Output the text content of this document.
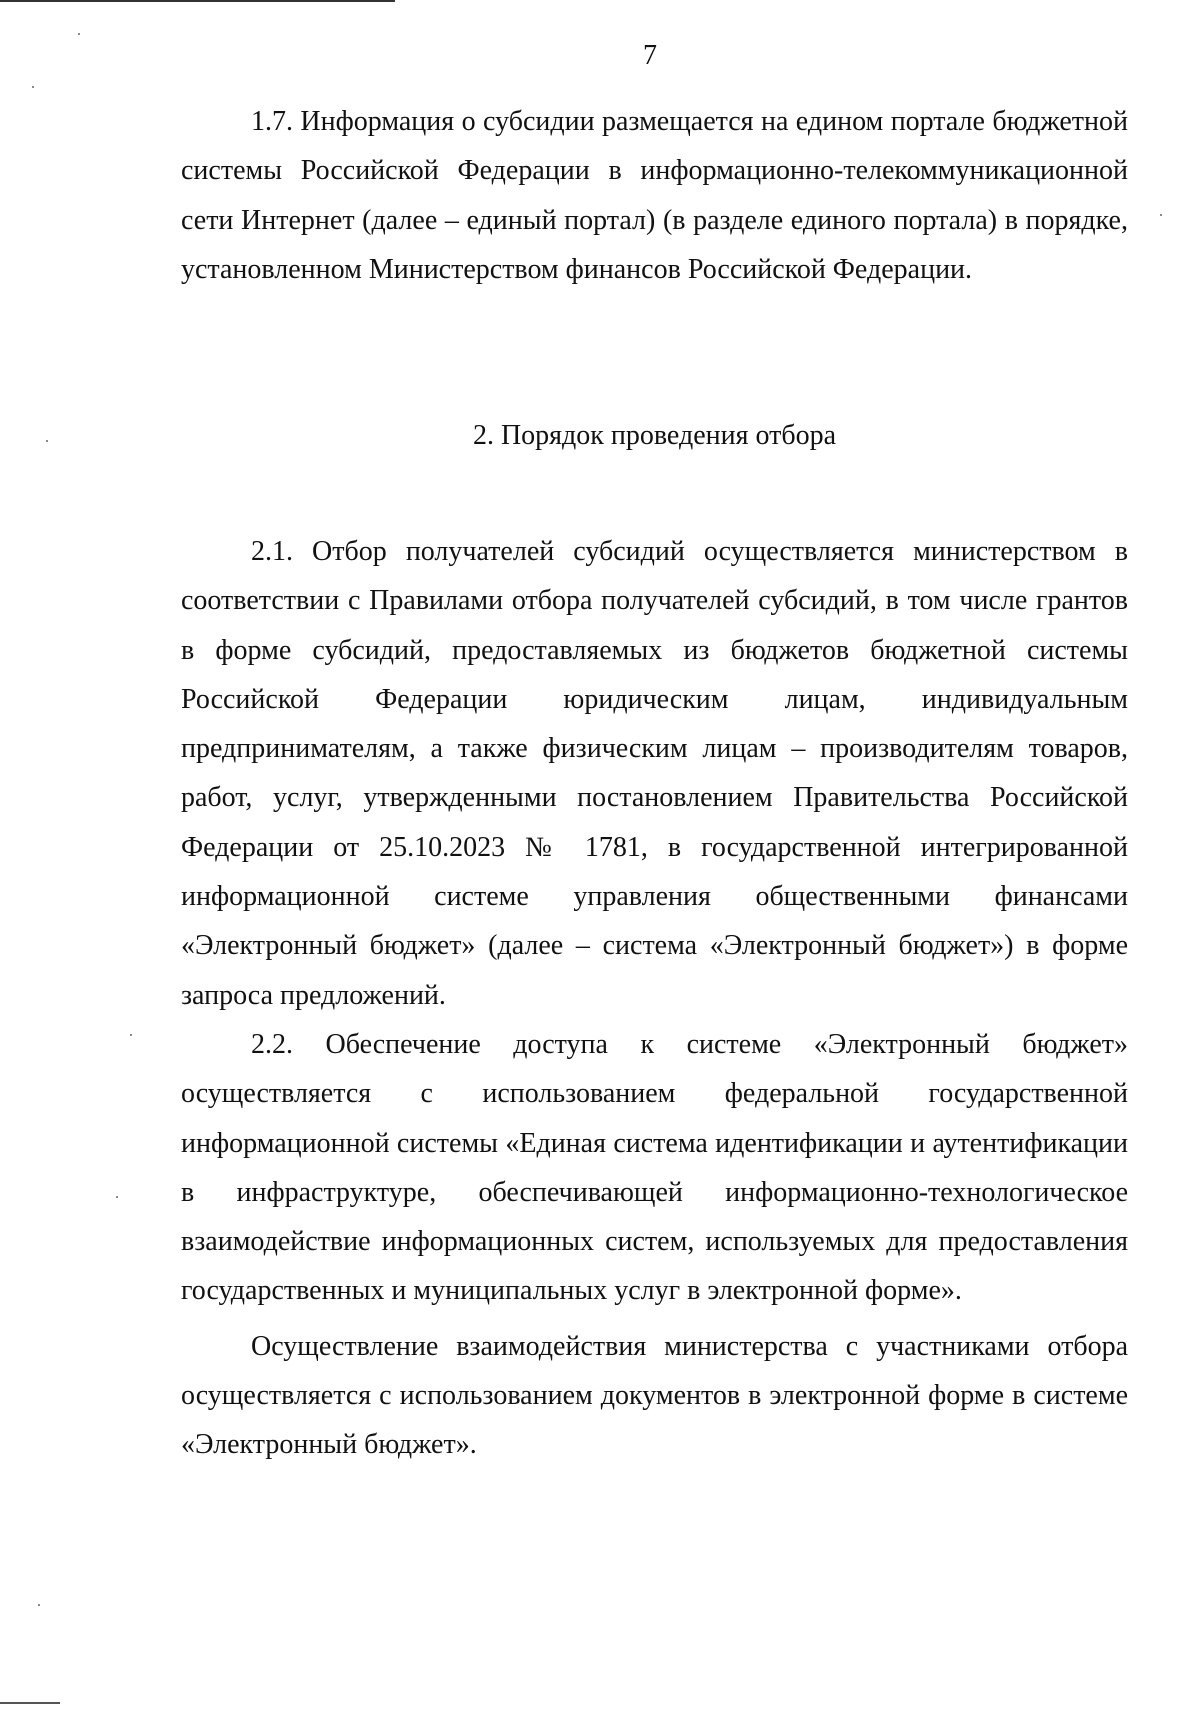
7

1.7. Информация о субсидии размещается на едином портале бюджетной системы Российской Федерации в информационно-телекоммуникационной сети Интернет (далее – единый портал) (в разделе единого портала) в порядке, установленном Министерством финансов Российской Федерации.

2. Порядок проведения отбора

2.1. Отбор получателей субсидий осуществляется министерством в соответствии с Правилами отбора получателей субсидий, в том числе грантов в форме субсидий, предоставляемых из бюджетов бюджетной системы Российской Федерации юридическим лицам, индивидуальным предпринимателям, а также физическим лицам – производителям товаров, работ, услуг, утвержденными постановлением Правительства Российской Федерации от 25.10.2023 № 1781, в государственной интегрированной информационной системе управления общественными финансами «Электронный бюджет» (далее – система «Электронный бюджет») в форме запроса предложений.

2.2. Обеспечение доступа к системе «Электронный бюджет» осуществляется с использованием федеральной государственной информационной системы «Единая система идентификации и аутентификации в инфраструктуре, обеспечивающей информационно-технологическое взаимодействие информационных систем, используемых для предоставления государственных и муниципальных услуг в электронной форме».

Осуществление взаимодействия министерства с участниками отбора осуществляется с использованием документов в электронной форме в системе «Электронный бюджет».
